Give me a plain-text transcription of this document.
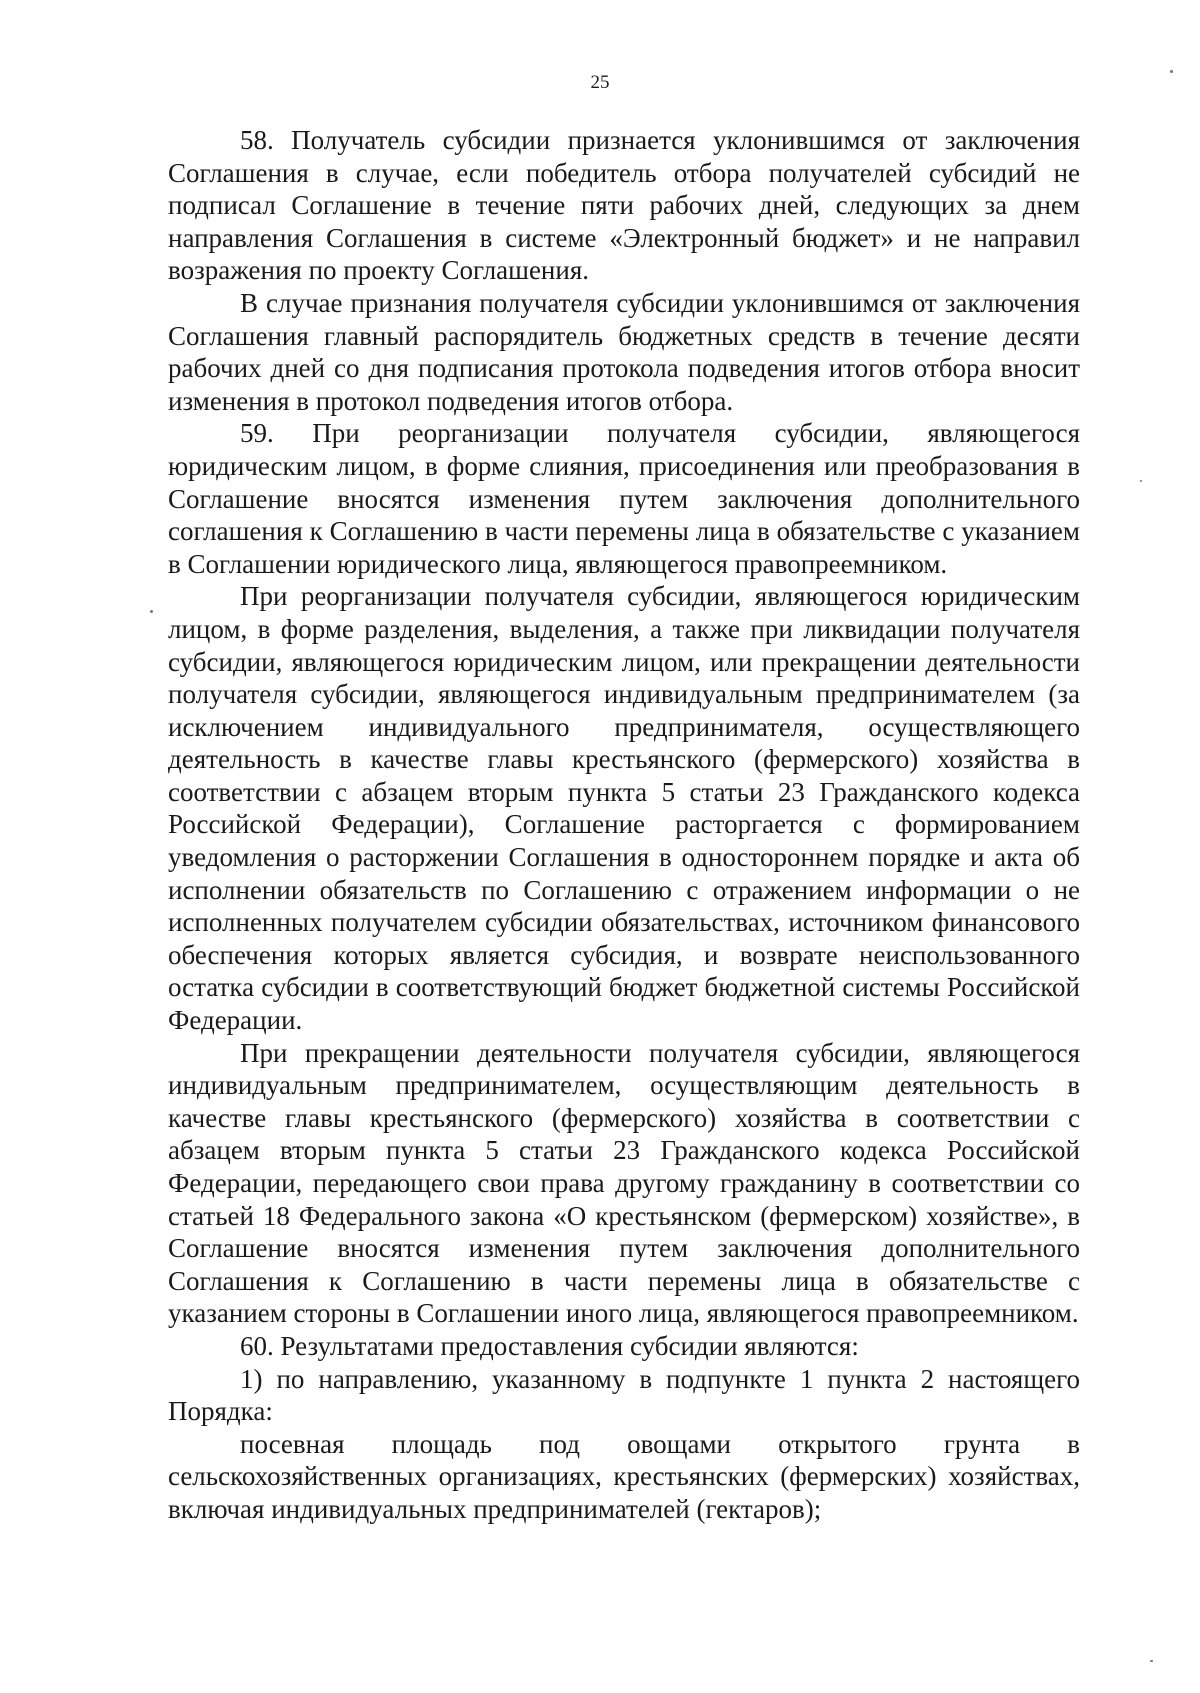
25

58. Получатель субсидии признается уклонившимся от заключения Соглашения в случае, если победитель отбора получателей субсидий не подписал Соглашение в течение пяти рабочих дней, следующих за днем направления Соглашения в системе «Электронный бюджет» и не направил возражения по проекту Соглашения.

В случае признания получателя субсидии уклонившимся от заключения Соглашения главный распорядитель бюджетных средств в течение десяти рабочих дней со дня подписания протокола подведения итогов отбора вносит изменения в протокол подведения итогов отбора.

59. При реорганизации получателя субсидии, являющегося юридическим лицом, в форме слияния, присоединения или преобразования в Соглашение вносятся изменения путем заключения дополнительного соглашения к Соглашению в части перемены лица в обязательстве с указанием в Соглашении юридического лица, являющегося правопреемником.

При реорганизации получателя субсидии, являющегося юридическим лицом, в форме разделения, выделения, а также при ликвидации получателя субсидии, являющегося юридическим лицом, или прекращении деятельности получателя субсидии, являющегося индивидуальным предпринимателем (за исключением индивидуального предпринимателя, осуществляющего деятельность в качестве главы крестьянского (фермерского) хозяйства в соответствии с абзацем вторым пункта 5 статьи 23 Гражданского кодекса Российской Федерации), Соглашение расторгается с формированием уведомления о расторжении Соглашения в одностороннем порядке и акта об исполнении обязательств по Соглашению с отражением информации о не исполненных получателем субсидии обязательствах, источником финансового обеспечения которых является субсидия, и возврате неиспользованного остатка субсидии в соответствующий бюджет бюджетной системы Российской Федерации.

При прекращении деятельности получателя субсидии, являющегося индивидуальным предпринимателем, осуществляющим деятельность в качестве главы крестьянского (фермерского) хозяйства в соответствии с абзацем вторым пункта 5 статьи 23 Гражданского кодекса Российской Федерации, передающего свои права другому гражданину в соответствии со статьей 18 Федерального закона «О крестьянском (фермерском) хозяйстве», в Соглашение вносятся изменения путем заключения дополнительного Соглашения к Соглашению в части перемены лица в обязательстве с указанием стороны в Соглашении иного лица, являющегося правопреемником.

60. Результатами предоставления субсидии являются:

1) по направлению, указанному в подпункте 1 пункта 2 настоящего Порядка:

посевная площадь под овощами открытого грунта в сельскохозяйственных организациях, крестьянских (фермерских) хозяйствах, включая индивидуальных предпринимателей (гектаров);
